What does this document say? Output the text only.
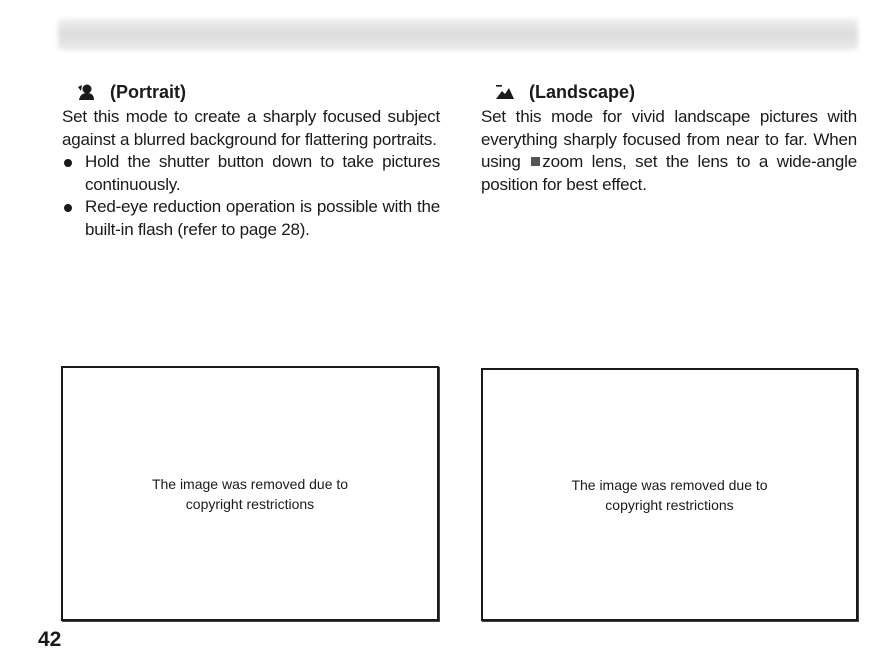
(Portrait)

Set this mode to create a sharply focused subject against a blurred background for flattering portraits.

Hold the shutter button down to take pictures continuously.
Red-eye reduction operation is possible with the built-in flash (refer to page 28).
(Landscape)

Set this mode for vivid landscape pictures with everything sharply focused from near to far. When using zoom lens, set the lens to a wide-angle position for best effect.

The image was removed due to
copyright restrictions
The image was removed due to
copyright restrictions
42
